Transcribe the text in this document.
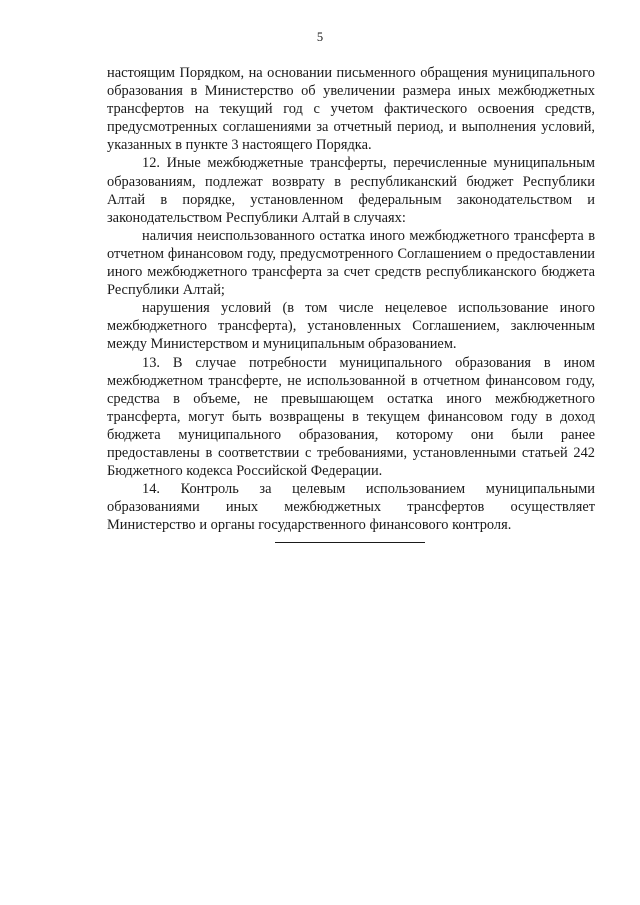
5

настоящим Порядком, на основании письменного обращения муниципального образования в Министерство об увеличении размера иных межбюджетных трансфертов на текущий год с учетом фактического освоения средств, предусмотренных соглашениями за отчетный период, и выполнения условий, указанных в пункте 3 настоящего Порядка.

12. Иные межбюджетные трансферты, перечисленные муниципальным образованиям, подлежат возврату в республиканский бюджет Республики Алтай в порядке, установленном федеральным законодательством и законодательством Республики Алтай в случаях:

наличия неиспользованного остатка иного межбюджетного трансферта в отчетном финансовом году, предусмотренного Соглашением о предоставлении иного межбюджетного трансферта за счет средств республиканского бюджета Республики Алтай;

нарушения условий (в том числе нецелевое использование иного межбюджетного трансферта), установленных Соглашением, заключенным между Министерством и муниципальным образованием.

13. В случае потребности муниципального образования в ином межбюджетном трансферте, не использованной в отчетном финансовом году, средства в объеме, не превышающем остатка иного межбюджетного трансферта, могут быть возвращены в текущем финансовом году в доход бюджета муниципального образования, которому они были ранее предоставлены в соответствии с требованиями, установленными статьей 242 Бюджетного кодекса Российской Федерации.

14. Контроль за целевым использованием муниципальными образованиями иных межбюджетных трансфертов осуществляет Министерство и органы государственного финансового контроля.
